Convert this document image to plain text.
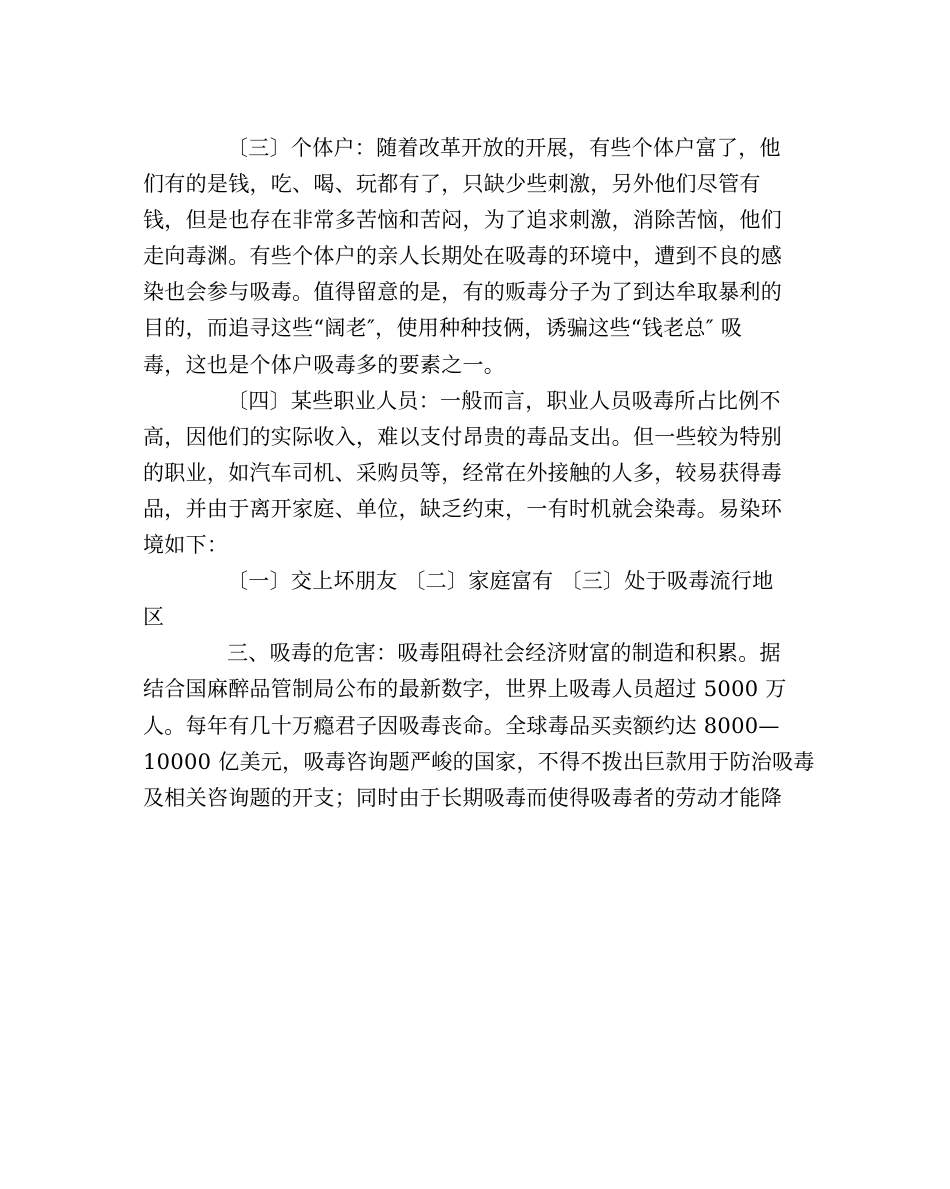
〔三〕个体户：随着改革开放的开展，有些个体户富了，他
们有的是钱，吃、喝、玩都有了，只缺少些刺激，另外他们尽管有
钱，但是也存在非常多苦恼和苦闷，为了追求刺激，消除苦恼，他们
走向毒渊。有些个体户的亲人长期处在吸毒的环境中，遭到不良的感
染也会参与吸毒。值得留意的是，有的贩毒分子为了到达牟取暴利的
目的，而追寻这些“阔老″，使用种种技俩，诱骗这些“钱老总″ 吸
毒，这也是个体户吸毒多的要素之一。
〔四〕某些职业人员：一般而言，职业人员吸毒所占比例不
高，因他们的实际收入，难以支付昂贵的毒品支出。但一些较为特别
的职业，如汽车司机、采购员等，经常在外接触的人多，较易获得毒
品，并由于离开家庭、单位，缺乏约束，一有时机就会染毒。易染环
境如下：
〔一〕交上坏朋友 〔二〕家庭富有 〔三〕处于吸毒流行地
区
三、吸毒的危害：吸毒阻碍社会经济财富的制造和积累。据
结合国麻醉品管制局公布的最新数字，世界上吸毒人员超过 5000 万
人。每年有几十万瘾君子因吸毒丧命。全球毒品买卖额约达 8000—
10000 亿美元，吸毒咨询题严峻的国家，不得不拨出巨款用于防治吸毒
及相关咨询题的开支；同时由于长期吸毒而使得吸毒者的劳动才能降
